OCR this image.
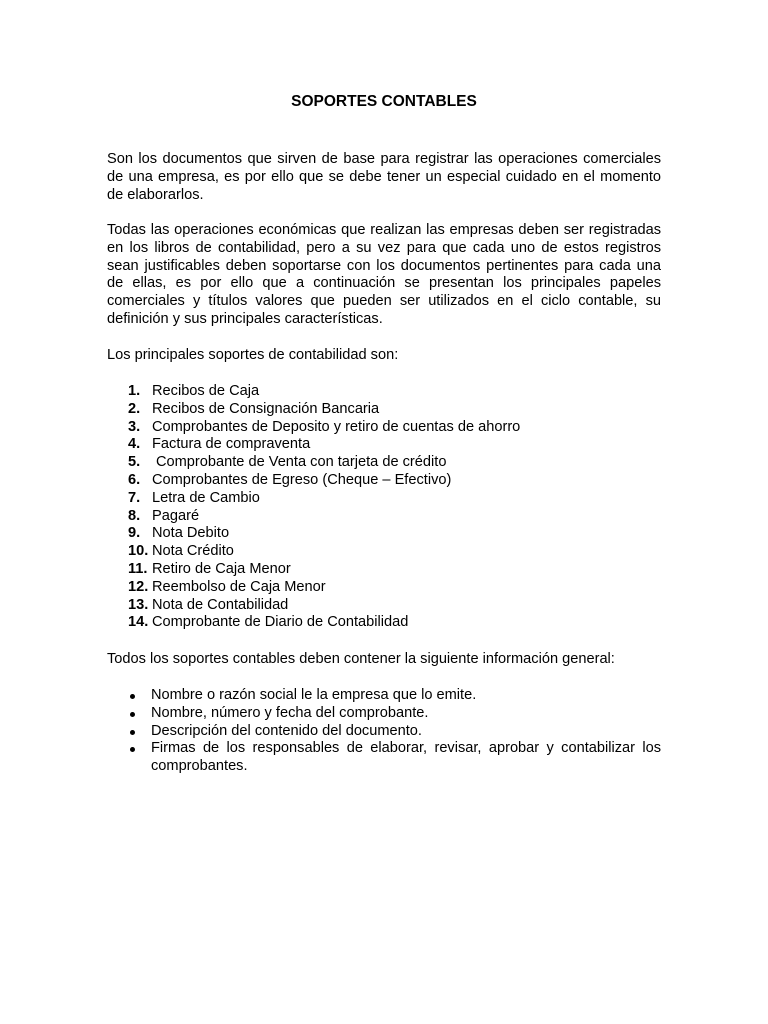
SOPORTES CONTABLES

Son los documentos que sirven de base para registrar las operaciones comerciales de una empresa, es por ello que se debe tener un especial cuidado en el momento de elaborarlos.

Todas las operaciones económicas que realizan las empresas deben ser registradas en los libros de contabilidad, pero a su vez para que cada uno de estos registros sean justificables deben soportarse con los documentos pertinentes para cada una de ellas, es por ello que a continuación se presentan los principales papeles comerciales y títulos valores que pueden ser utilizados en el ciclo contable, su definición y sus principales características.

Los principales soportes de contabilidad son:

1. Recibos de Caja
2. Recibos de Consignación Bancaria
3. Comprobantes de Deposito y retiro de cuentas de ahorro
4. Factura de compraventa
5.	Comprobante de Venta con tarjeta de crédito
6. Comprobantes de Egreso (Cheque – Efectivo)
7. Letra de Cambio
8. Pagaré
9. Nota Debito
10. Nota Crédito
11. Retiro de Caja Menor
12. Reembolso de Caja Menor
13. Nota de Contabilidad
14. Comprobante de Diario de Contabilidad

Todos los soportes contables deben contener la siguiente información general:

Nombre o razón social le la empresa que lo emite.
Nombre, número y fecha del comprobante.
Descripción del contenido del documento.
Firmas de los responsables de elaborar, revisar, aprobar y contabilizar los comprobantes.
